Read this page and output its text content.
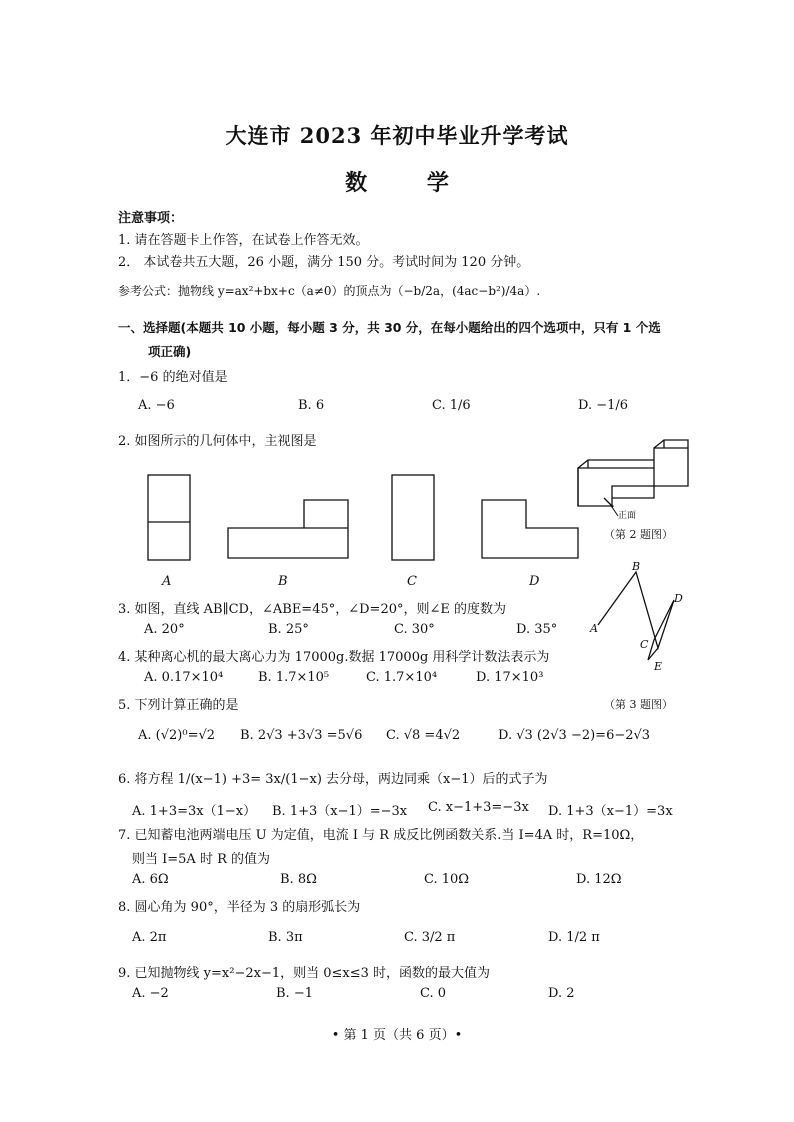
大连市 2023 年初中毕业升学考试
数 学
注意事项：
1. 请在答题卡上作答，在试卷上作答无效。
2． 本试卷共五大题，26 小题，满分 150 分。考试时间为 120 分钟。
参考公式：抛物线 y=ax²+bx+c（a≠0）的顶点为（−b/2a，(4ac−b²)/4a）.
一、选择题(本题共 10 小题，每小题 3 分，共 30 分，在每小题给出的四个选项中，只有 1 个选
项正确)
1．−6 的绝对值是
A. −6	B. 6	C. 1/6	D. −1/6
2. 如图所示的几何体中，主视图是
A	B	C	D
正面
（第 2 题图）
3. 如图，直线 AB∥CD，∠ABE=45°，∠D=20°，则∠E 的度数为
A. 20°	B. 25°	C. 30°	D. 35°	A
B
C
D
E
4. 某种离心机的最大离心力为 17000g.数据 17000g 用科学计数法表示为
A. 0.17×10⁴	B. 1.7×10⁵	C. 1.7×10⁴	D. 17×10³
5. 下列计算正确的是	（第 3 题图）
A. (√2)⁰=√2 B. 2√3 +3√3 =5√6 C. √8 =4√2	D. √3 (2√3 −2)=6−2√3
6. 将方程 1/(x−1) +3= 3x/(1−x) 去分母，两边同乘（x−1）后的式子为
A. 1+3=3x（1−x） B. 1+3（x−1）=−3x C. x−1+3=−3x D. 1+3（x−1）=3x
7. 已知蓄电池两端电压 U 为定值，电流 I 与 R 成反比例函数关系.当 I=4A 时，R=10Ω，
则当 I=5A 时 R 的值为
A. 6Ω	B. 8Ω	C. 10Ω	D. 12Ω
8. 圆心角为 90°，半径为 3 的扇形弧长为
A. 2π	B. 3π	C. 3/2 π	D. 1/2 π
9. 已知抛物线 y=x²−2x−1，则当 0≤x≤3 时，函数的最大值为
A. −2	B. −1	C. 0	D. 2
• 第 1 页（共 6 页）•
